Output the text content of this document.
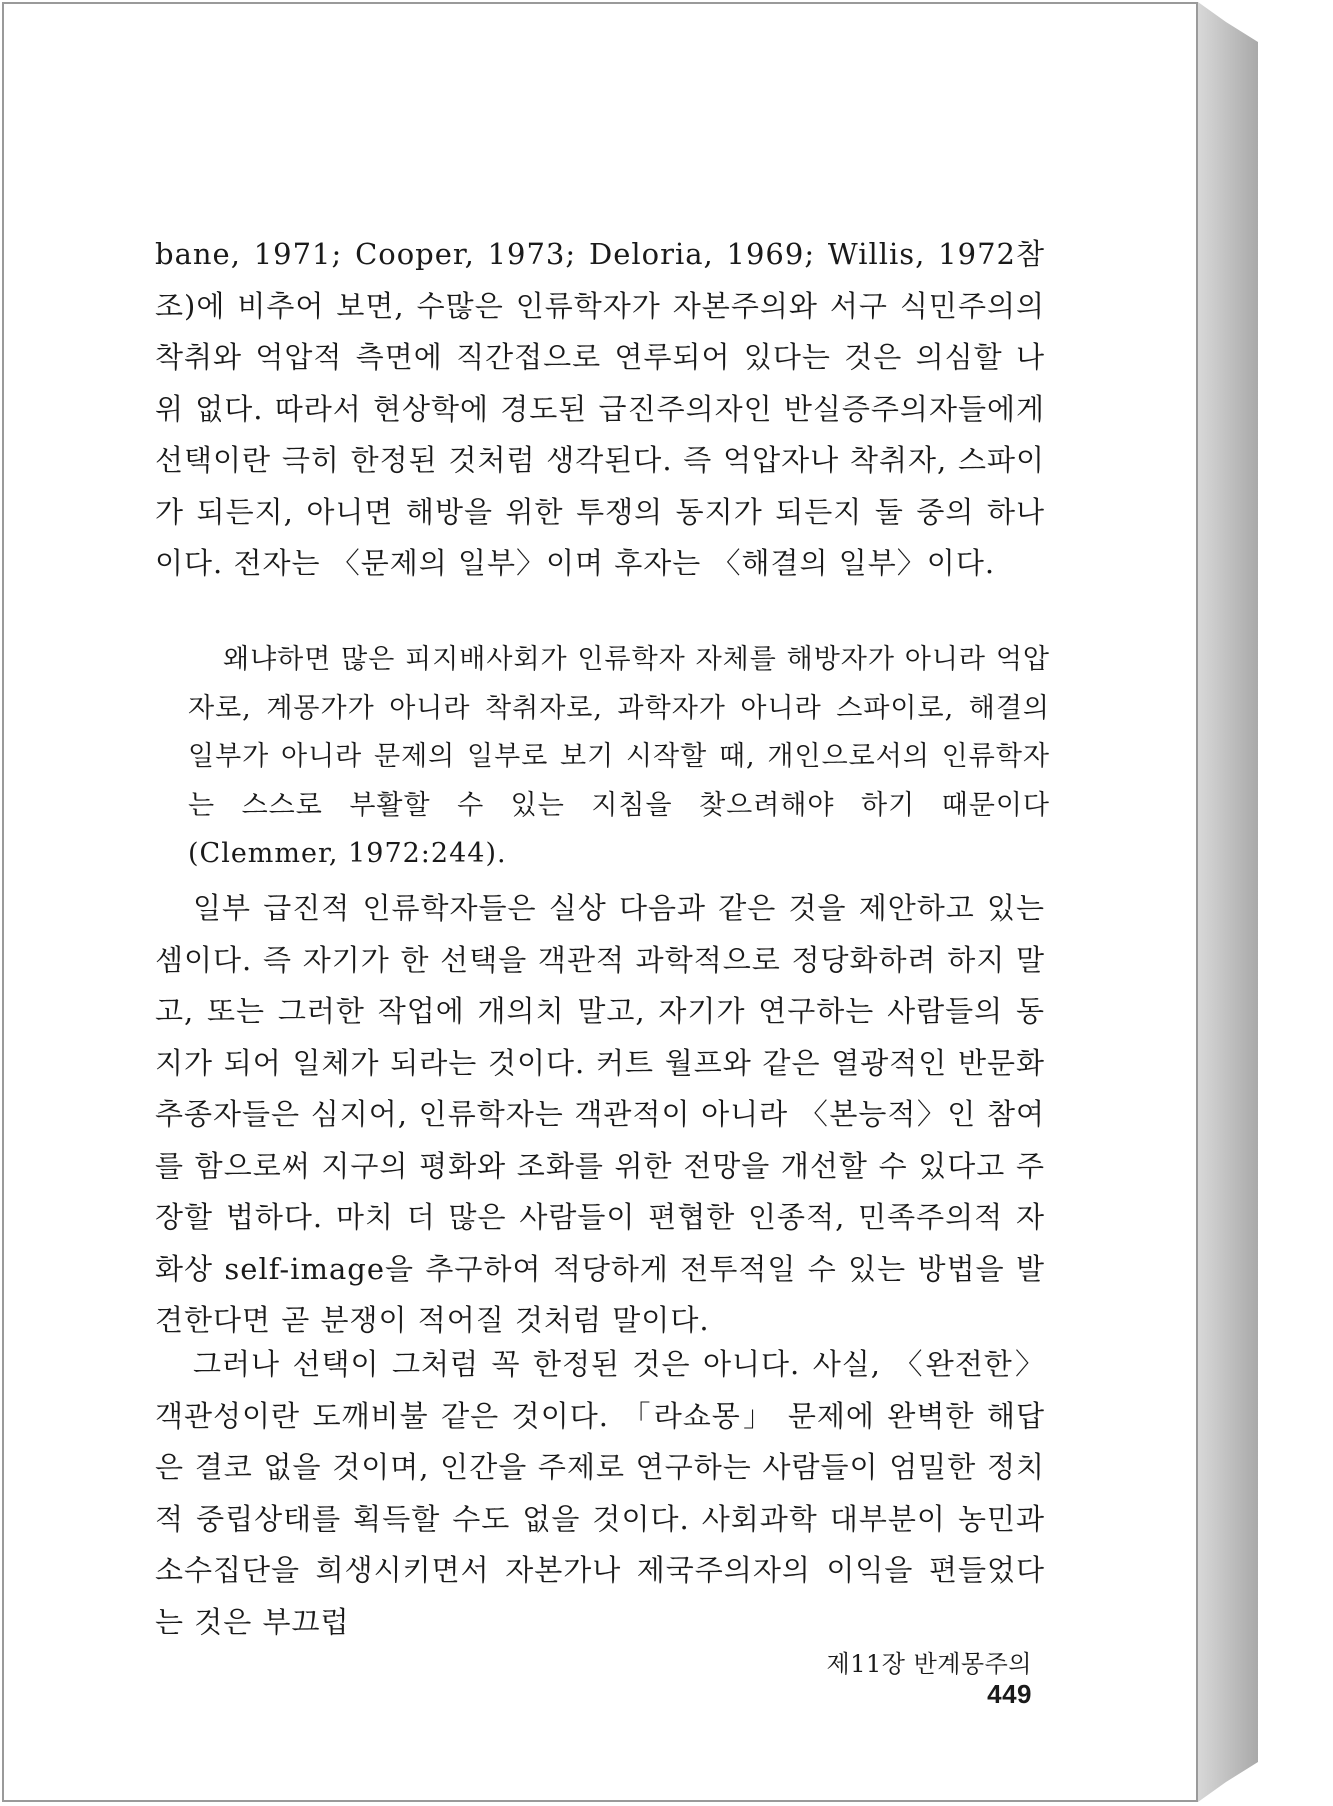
bane, 1971; Cooper, 1973; Deloria, 1969; Willis, 1972참조)에 비추어 보면, 수많은 인류학자가 자본주의와 서구 식민주의의 착취와 억압적 측면에 직간접으로 연루되어 있다는 것은 의심할 나위 없다. 따라서 현상학에 경도된 급진주의자인 반실증주의자들에게 선택이란 극히 한정된 것처럼 생각된다. 즉 억압자나 착취자, 스파이가 되든지, 아니면 해방을 위한 투쟁의 동지가 되든지 둘 중의 하나이다. 전자는 〈문제의 일부〉이며 후자는 〈해결의 일부〉이다.

왜냐하면 많은 피지배사회가 인류학자 자체를 해방자가 아니라 억압자로, 계몽가가 아니라 착취자로, 과학자가 아니라 스파이로, 해결의 일부가 아니라 문제의 일부로 보기 시작할 때, 개인으로서의 인류학자는 스스로 부활할 수 있는 지침을 찾으려해야 하기 때문이다(Clemmer, 1972:244).

일부 급진적 인류학자들은 실상 다음과 같은 것을 제안하고 있는 셈이다. 즉 자기가 한 선택을 객관적 과학적으로 정당화하려 하지 말고, 또는 그러한 작업에 개의치 말고, 자기가 연구하는 사람들의 동지가 되어 일체가 되라는 것이다. 커트 월프와 같은 열광적인 반문화 추종자들은 심지어, 인류학자는 객관적이 아니라 〈본능적〉인 참여를 함으로써 지구의 평화와 조화를 위한 전망을 개선할 수 있다고 주장할 법하다. 마치 더 많은 사람들이 편협한 인종적, 민족주의적 자화상 self-image을 추구하여 적당하게 전투적일 수 있는 방법을 발견한다면 곧 분쟁이 적어질 것처럼 말이다.

그러나 선택이 그처럼 꼭 한정된 것은 아니다. 사실, 〈완전한〉 객관성이란 도깨비불 같은 것이다. 「라쇼몽」 문제에 완벽한 해답은 결코 없을 것이며, 인간을 주제로 연구하는 사람들이 엄밀한 정치적 중립상태를 획득할 수도 없을 것이다. 사회과학 대부분이 농민과 소수집단을 희생시키면서 자본가나 제국주의자의 이익을 편들었다는 것은 부끄럽

제11장 반계몽주의449
